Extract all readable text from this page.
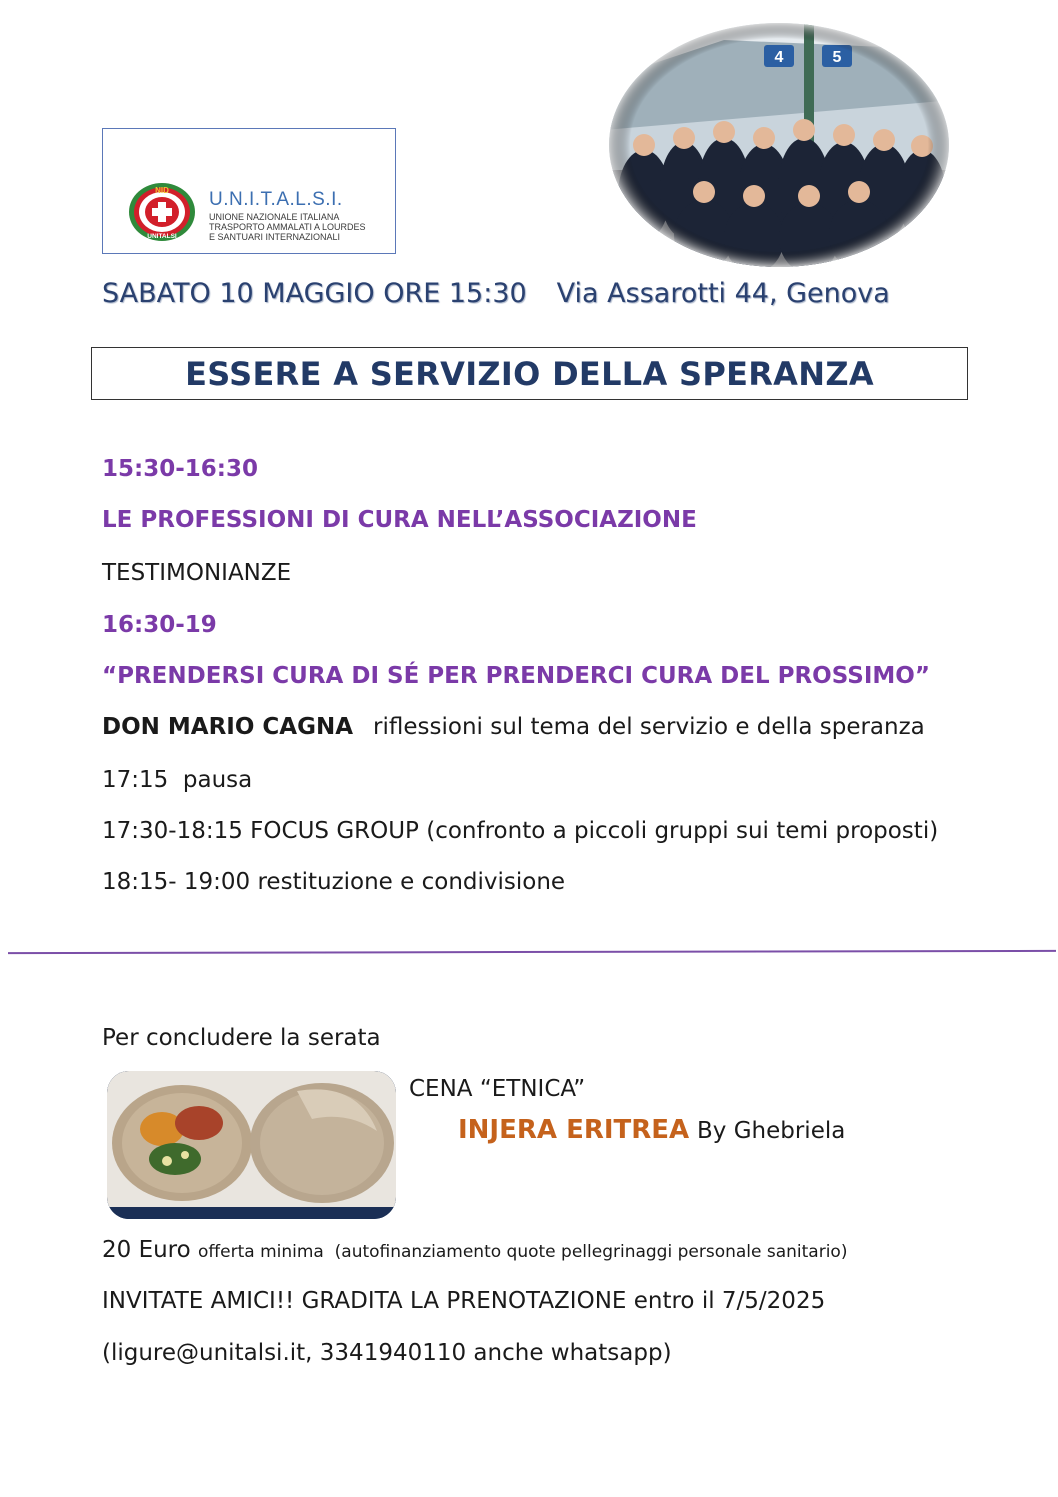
NID
UNITALSI
U.N.I.T.A.L.S.I.
UNIONE NAZIONALE ITALIANA
TRASPORTO AMMALATI A LOURDES
E SANTUARI INTERNAZIONALI
SABATO 10 MAGGIO ORE 15:30 Via Assarotti 44, Genova
ESSERE A SERVIZIO DELLA SPERANZA
15:30-16:30
LE PROFESSIONI DI CURA NELL’ASSOCIAZIONE
TESTIMONIANZE
16:30-19
“PRENDERSI CURA DI SÉ PER PRENDERCI CURA DEL PROSSIMO”
DON MARIO CAGNA riflessioni sul tema del servizio e della speranza
17:15  pausa
17:30-18:15 FOCUS GROUP (confronto a piccoli gruppi sui temi proposti)
18:15- 19:00 restituzione e condivisione
Per concludere la serata
CENA “ETNICA”
INJERA ERITREA By Ghebriela
20 Euro offerta minima  (autofinanziamento quote pellegrinaggi personale sanitario)
INVITATE AMICI!! GRADITA LA PRENOTAZIONE entro il 7/5/2025
(ligure@unitalsi.it, 3341940110 anche whatsapp)
